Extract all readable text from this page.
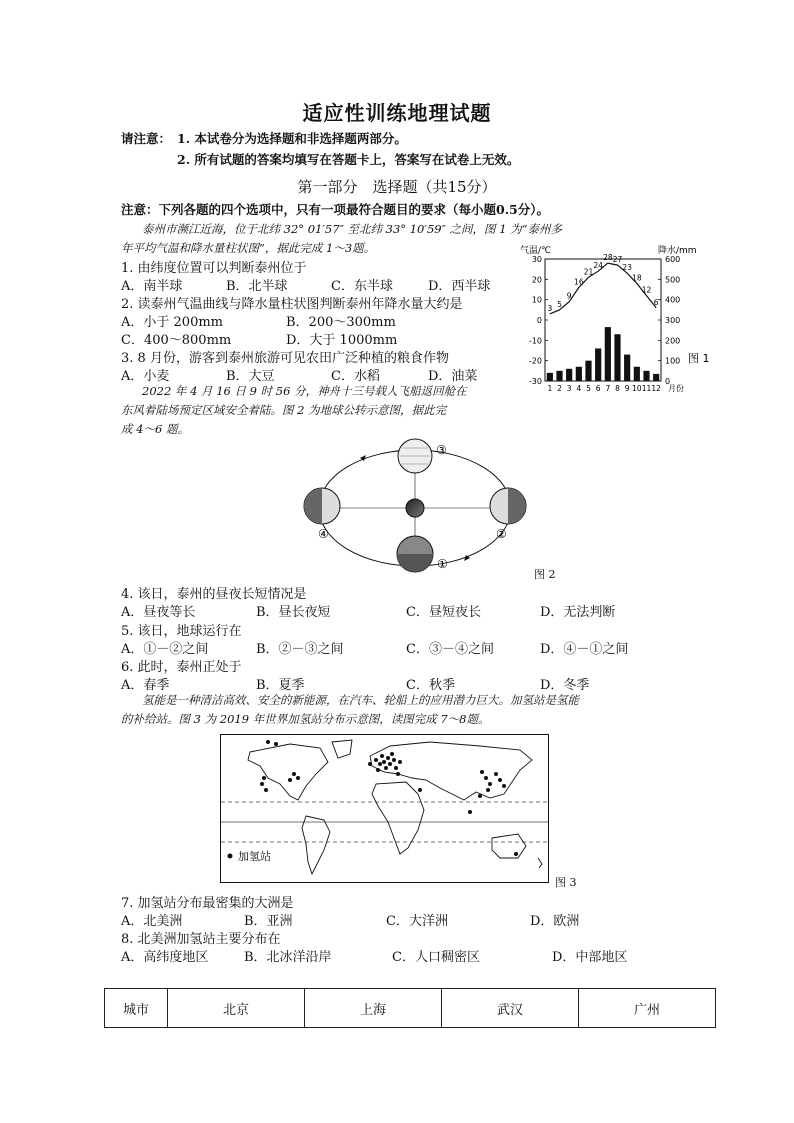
适应性训练地理试题
请注意： 1. 本试卷分为选择题和非选择题两部分。
2. 所有试题的答案均填写在答题卡上，答案写在试卷上无效。
第一部分　选择题（共15分）
注意：下列各题的四个选项中，只有一项最符合题目的要求（每小题0.5分）。
泰州市濒江近海，位于北纬 32° 01′57″ 至北纬 33° 10′59″ 之间，图 1 为“泰州多
年平均气温和降水量柱状图”，据此完成 1～3题。
1. 由纬度位置可以判断泰州位于
A．南半球	B．北半球	C．东半球	D．西半球
2. 读泰州气温曲线与降水量柱状图判断泰州年降水量大约是
A．小于 200mm	B．200～300mm
C．400～800mm	D．大于 1000mm
3. 8 月份，游客到泰州旅游可见农田广泛种植的粮食作物
A．小麦	B．大豆	C．水稻	D．油菜
2022 年 4 月 16 日 9 时 56 分，神舟十三号载人飞船返回舱在
东风着陆场预定区域安全着陆。图 2 为地球公转示意图，据此完
成 4～6 题。
气温/℃	降水/mm
30
20
10
0
-10
-20
-30
600
500
400
300
200
100
0
3 5
9
16
21
24
28 27
23
18
12
6
1 2 3 4 5 6 7 8 9 10 11 12 月份
图 1
③
①
④	②
图 2
4. 该日，泰州的昼夜长短情况是
A．昼夜等长	B．昼长夜短	C．昼短夜长	D．无法判断
5. 该日，地球运行在
A．①－②之间	B．②－③之间	C．③－④之间	D．④－①之间
6. 此时，泰州正处于
A．春季	B．夏季	C．秋季	D．冬季
氢能是一种清洁高效、安全的新能源，在汽车、轮船上的应用潜力巨大。加氢站是氢能
的补给站。图 3 为 2019 年世界加氢站分布示意图，读图完成 7～8题。
加氢站
图 3
7. 加氢站分布最密集的大洲是
A．北美洲	B．亚洲	C．大洋洲	D．欧洲
8. 北美洲加氢站主要分布在
A．高纬度地区	B．北冰洋沿岸	C．人口稠密区	D．中部地区
城市	北京	上海	武汉	广州
